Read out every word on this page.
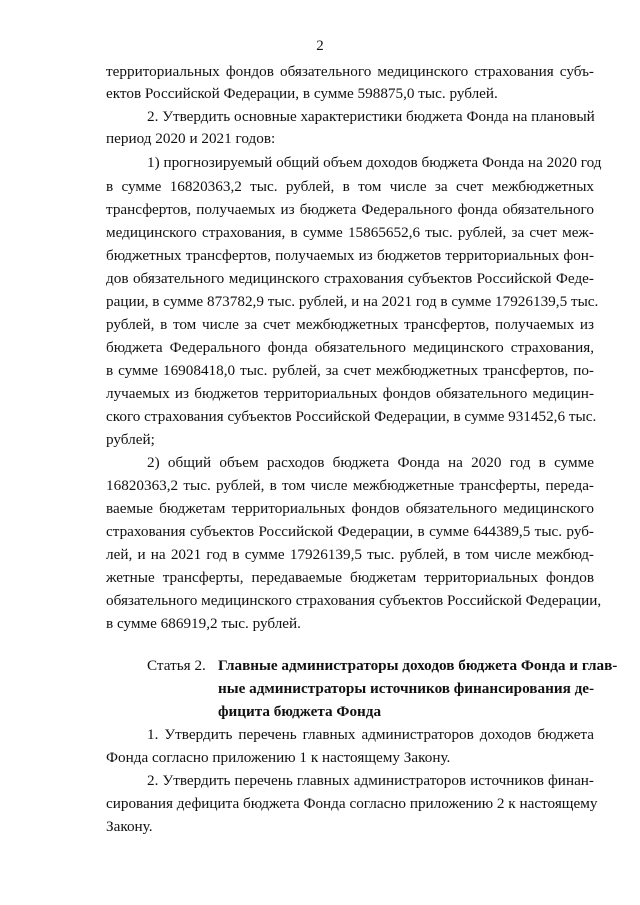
2
территориальных фондов обязательного медицинского страхования субъ-
ектов Российской Федерации, в сумме 598875,0 тыс. рублей.
2. Утвердить основные характеристики бюджета Фонда на плановый
период 2020 и 2021 годов:
1) прогнозируемый общий объем доходов бюджета Фонда на 2020 год
в сумме 16820363,2 тыс. рублей, в том числе за счет межбюджетных
трансфертов, получаемых из бюджета Федерального фонда обязательного
медицинского страхования, в сумме 15865652,6 тыс. рублей, за счет меж-
бюджетных трансфертов, получаемых из бюджетов территориальных фон-
дов обязательного медицинского страхования субъектов Российской Феде-
рации, в сумме 873782,9 тыс. рублей, и на 2021 год в сумме 17926139,5 тыс.
рублей, в том числе за счет межбюджетных трансфертов, получаемых из
бюджета Федерального фонда обязательного медицинского страхования,
в сумме 16908418,0 тыс. рублей, за счет межбюджетных трансфертов, по-
лучаемых из бюджетов территориальных фондов обязательного медицин-
ского страхования субъектов Российской Федерации, в сумме 931452,6 тыс.
рублей;
2) общий объем расходов бюджета Фонда на 2020 год в сумме
16820363,2 тыс. рублей, в том числе межбюджетные трансферты, переда-
ваемые бюджетам территориальных фондов обязательного медицинского
страхования субъектов Российской Федерации, в сумме 644389,5 тыс. руб-
лей, и на 2021 год в сумме 17926139,5 тыс. рублей, в том числе межбюд-
жетные трансферты, передаваемые бюджетам территориальных фондов
обязательного медицинского страхования субъектов Российской Федерации,
в сумме 686919,2 тыс. рублей.
Статья 2. Главные администраторы доходов бюджета Фонда и глав-
ные администраторы источников финансирования де-
фицита бюджета Фонда
1. Утвердить перечень главных администраторов доходов бюджета
Фонда согласно приложению 1 к настоящему Закону.
2. Утвердить перечень главных администраторов источников финан-
сирования дефицита бюджета Фонда согласно приложению 2 к настоящему
Закону.
